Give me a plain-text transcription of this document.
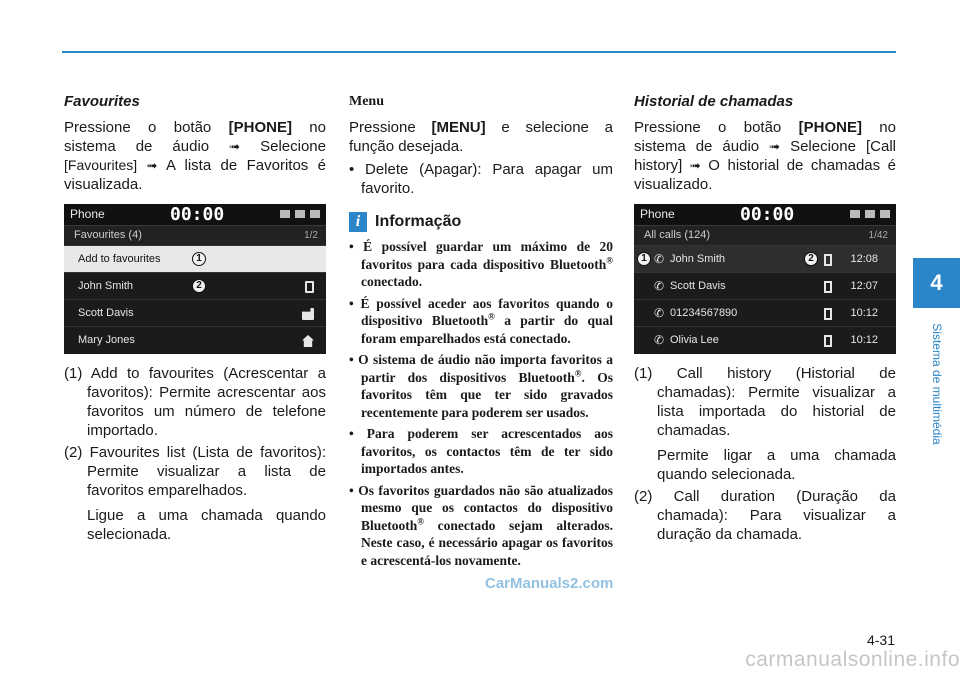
Favourites
Pressione o botão [PHONE] no sistema de áudio ➟ Selecione [Favourites] ➟ A lista de Favoritos é visualizada.
Phone	00:00
Favourites (4)	1/2
Add to favourites	1
John Smith	2
Scott Davis
Mary Jones
(1) Add to favourites (Acrescentar a favoritos): Permite acrescentar aos favoritos um número de telefone importado.
(2) Favourites list (Lista de favoritos): Permite visualizar a lista de favoritos emparelhados.
Ligue a uma chamada quando selecionada.
Menu
Pressione [MENU] e selecione a função desejada.
• Delete (Apagar): Para apagar um favorito.
i Informação
• É possível guardar um máximo de 20 favoritos para cada dispositivo Bluetooth® conectado.
• É possível aceder aos favoritos quando o dispositivo Bluetooth® a partir do qual foram emparelhados está conectado.
• O sistema de áudio não importa favoritos a partir dos dispositivos Bluetooth®. Os favoritos têm que ter sido gravados recentemente para poderem ser usados.
• Para poderem ser acrescentados aos favoritos, os contactos têm de ter sido importados antes.
• Os favoritos guardados não são atualizados mesmo que os contactos do dispositivo Bluetooth® conectado sejam alterados. Neste caso, é necessário apagar os favoritos e acrescentá-los novamente.
Historial de chamadas
Pressione o botão [PHONE] no sistema de áudio ➟ Selecione [Call history] ➟ O historial de chamadas é visualizado.
Phone	00:00
All calls (124)	1/42
1 ✆ John Smith	2	12:08
✆ Scott Davis	12:07
✆ 01234567890	10:12
✆ Olivia Lee	10:12
(1) Call history (Historial de chamadas): Permite visualizar a lista importada do historial de chamadas.
Permite ligar a uma chamada quando selecionada.
(2) Call duration (Duração da chamada): Para visualizar a duração da chamada.
4
Sistema de multimédia
4-31
CarManuals2.com
carmanualsonline.info
